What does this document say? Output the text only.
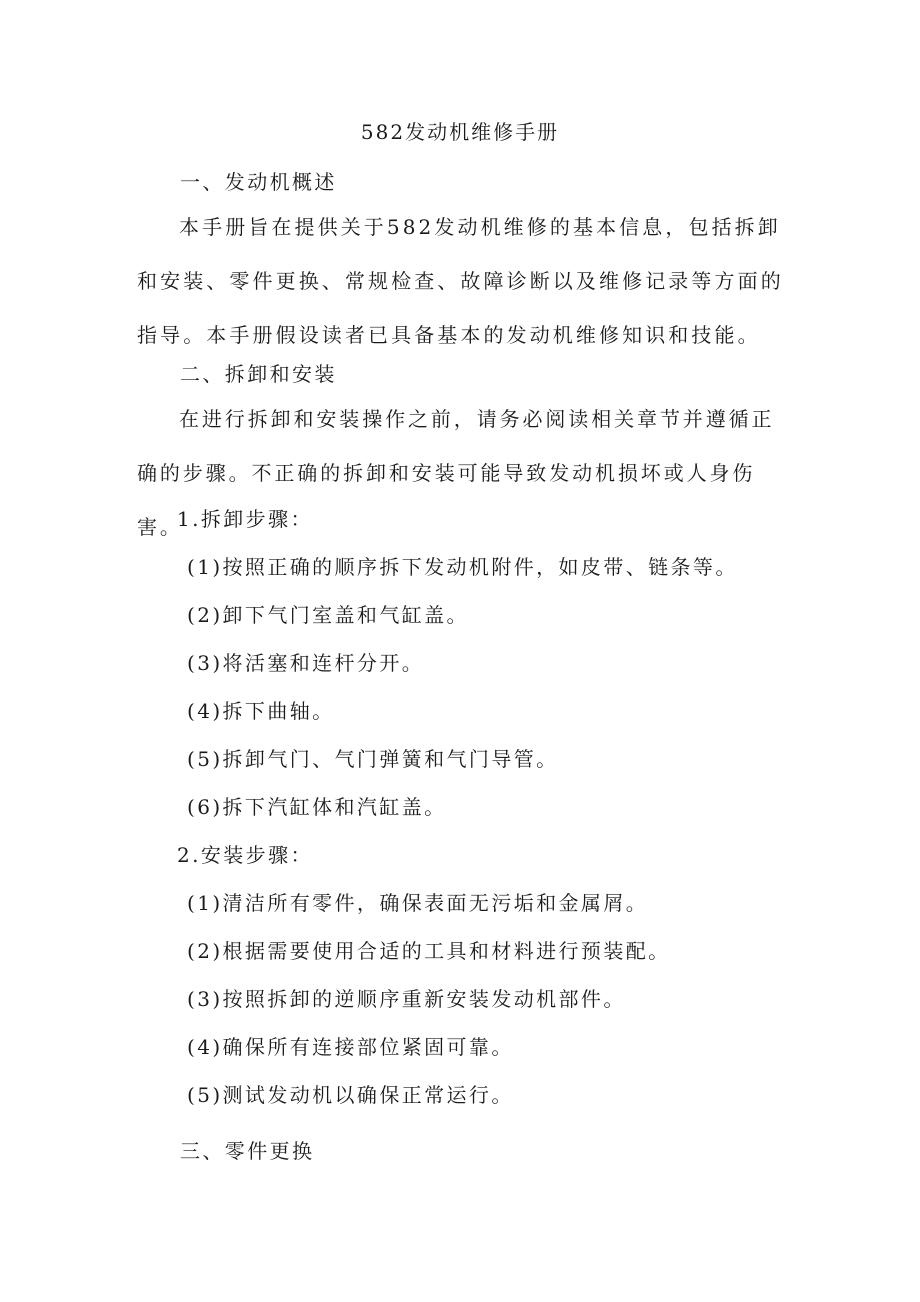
582发动机维修手册
一、发动机概述
本手册旨在提供关于582发动机维修的基本信息，包括拆卸和安装、零件更换、常规检查、故障诊断以及维修记录等方面的指导。本手册假设读者已具备基本的发动机维修知识和技能。
二、拆卸和安装
在进行拆卸和安装操作之前，请务必阅读相关章节并遵循正确的步骤。不正确的拆卸和安装可能导致发动机损坏或人身伤害。
1.拆卸步骤：
(1)按照正确的顺序拆下发动机附件，如皮带、链条等。
(2)卸下气门室盖和气缸盖。
(3)将活塞和连杆分开。
(4)拆下曲轴。
(5)拆卸气门、气门弹簧和气门导管。
(6)拆下汽缸体和汽缸盖。
2.安装步骤：
(1)清洁所有零件，确保表面无污垢和金属屑。
(2)根据需要使用合适的工具和材料进行预装配。
(3)按照拆卸的逆顺序重新安装发动机部件。
(4)确保所有连接部位紧固可靠。
(5)测试发动机以确保正常运行。
三、零件更换
